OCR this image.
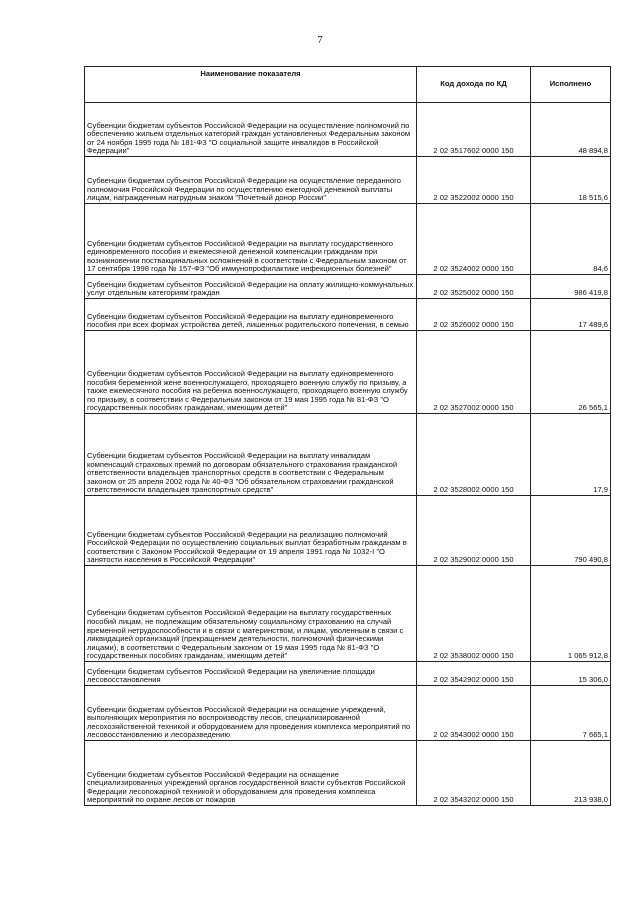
7
Наименование показателя	Код дохода по КД	Исполнено
Субвенции бюджетам субъектов Российской Федерации на осуществление полномочий по обеспечению жильем отдельных категорий граждан установленных Федеральным законом от 24 ноября 1995 года № 181-ФЗ "О социальной защите инвалидов в Российской Федерации"	2 02 3517602 0000 150	48 894,8
Субвенции бюджетам субъектов Российской Федерации на осуществление переданного полномочия Российской Федерации по осуществлению ежегодной денежной выплаты лицам, награжденным нагрудным знаком "Почетный донор России"	2 02 3522002 0000 150	18 515,6
Субвенции бюджетам субъектов Российской Федерации на выплату государственного единовременного пособия и ежемесячной денежной компенсации гражданам при возникновении поствакцинальных осложнений в соответствии с Федеральным законом от 17 сентября 1998 года № 157-ФЗ "Об иммунопрофилактике инфекционных болезней"	2 02 3524002 0000 150	84,6
Субвенции бюджетам субъектов Российской Федерации на оплату жилищно-коммунальных услуг отдельным категориям граждан	2 02 3525002 0000 150	986 419,8
Субвенции бюджетам субъектов Российской Федерации на выплату единовременного пособия при всех формах устройства детей, лишенных родительского попечения, в семью	2 02 3526002 0000 150	17 489,6
Субвенции бюджетам субъектов Российской Федерации на выплату единовременного пособия беременной жене военнослужащего, проходящего военную службу по призыву, а также ежемесячного пособия на ребенка военнослужащего, проходящего военную службу по призыву, в соответствии с Федеральным законом от 19 мая 1995 года № 81-ФЗ "О государственных пособиях гражданам, имеющим детей"	2 02 3527002 0000 150	26 565,1
Субвенции бюджетам субъектов Российской Федерации на выплату инвалидам компенсаций страховых премий по договорам обязательного страхования гражданской ответственности владельцев транспортных средств в соответствии с Федеральным законом от 25 апреля 2002 года № 40-ФЗ "Об обязательном страховании гражданской ответственности владельцев транспортных средств"	2 02 3528002 0000 150	17,9
Субвенции бюджетам субъектов Российской Федерации на реализацию полномочий Российской Федерации по осуществлению социальных выплат безработным гражданам в соответствии с Законом Российской Федерации от 19 апреля 1991 года № 1032-I "О занятости населения в Российской Федерации"	2 02 3529002 0000 150	790 490,8
Субвенции бюджетам субъектов Российской Федерации на выплату государственных пособий лицам, не подлежащим обязательному социальному страхованию на случай временной нетрудоспособности и в связи с материнством, и лицам, уволенным в связи с ликвидацией организаций (прекращением деятельности, полномочий физическими лицами), в соответствии с Федеральным законом от 19 мая 1995 года № 81-ФЗ "О государственных пособиях гражданам, имеющим детей"	2 02 3538002 0000 150	1 065 912,8
Субвенции бюджетам субъектов Российской Федерации на увеличение площади лесовосстановления	2 02 3542902 0000 150	15 306,0
Субвенции бюджетам субъектов Российской Федерации на оснащение учреждений, выполняющих мероприятия по воспроизводству лесов, специализированной лесохозяйственной техникой и оборудованием для проведения комплекса мероприятий по лесовосстановлению и лесоразведению	2 02 3543002 0000 150	7 665,1
Субвенции бюджетам субъектов Российской Федерации на оснащение специализированных учреждений органов государственной власти субъектов Российской Федерации лесопожарной техникой и оборудованием для проведения комплекса мероприятий по охране лесов от пожаров	2 02 3543202 0000 150	213 938,0
